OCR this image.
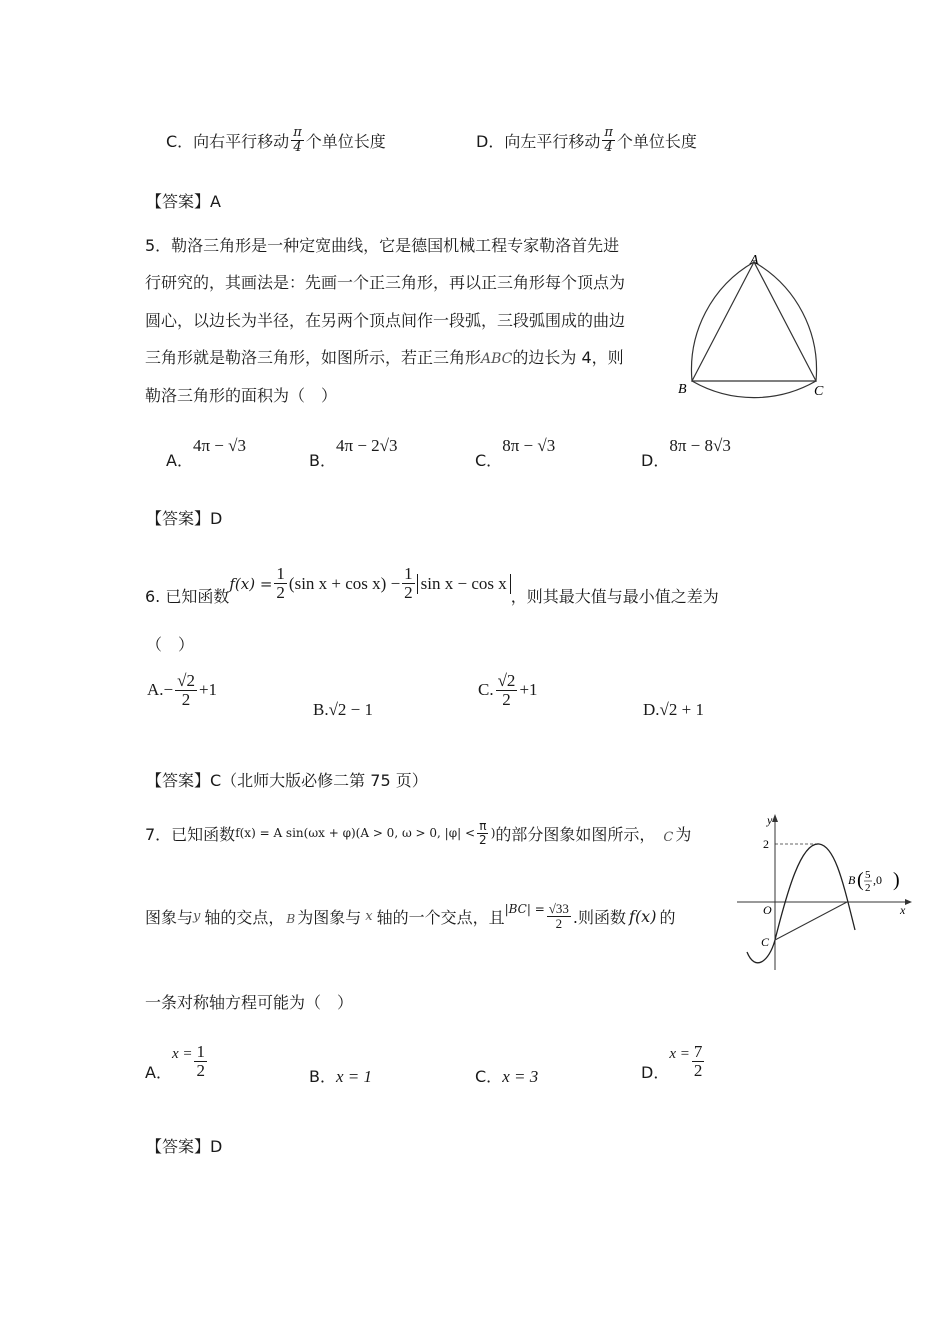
C．向右平行移动 $\frac{\pi}{4}$ 个单位长度	D．向左平行移动 $\frac{\pi}{4}$ 个单位长度
【答案】A
5．勒洛三角形是一种定宽曲线，它是德国机械工程专家勒洛首先进
行研究的，其画法是：先画一个正三角形，再以正三角形每个顶点为
圆心，以边长为半径，在另两个顶点间作一段弧，三段弧围成的曲边
三角形就是勒洛三角形，如图所示，若正三角形ABC的边长为 4，则
勒洛三角形的面积为（　）
A
B	C
A．
4π − √3
B．
4π − 2√3
C．
8π − √3
D．
8π − 8√3
【答案】D
6. 已知函数
$f(x) = \frac{1}{2} (\sin$ $x + \cos x) - \frac{1}{2}$ sin x − cos x
，则其最大值与最小值之差为
（　）
$A.- \frac{√2}{2} +1$
B.√2 − 1
C. $\frac{√2}{2} +1$
D.√2 + 1
【答案】C（北师大版必修二第 75 页）
7．已知函数 f(x) = A sin(ωx + φ)(A > 0, ω > 0, $|\varphi| < \frac{\pi}{2}$ ) 的部分图象如图所示， C 为
图象与 y 轴的交点， B 为图象与 x 轴的一个交点，且 $|BC| = \frac{√33}{2}$ .则函数 f(x) 的
一条对称轴方程可能为（　）
y
x
2
O
C
B ( 5
2
,0 )
A．
$x = \frac{1}{2}$	B．x = 1	C．x = 3	D．
$x = \frac{7}{2}$
【答案】D
